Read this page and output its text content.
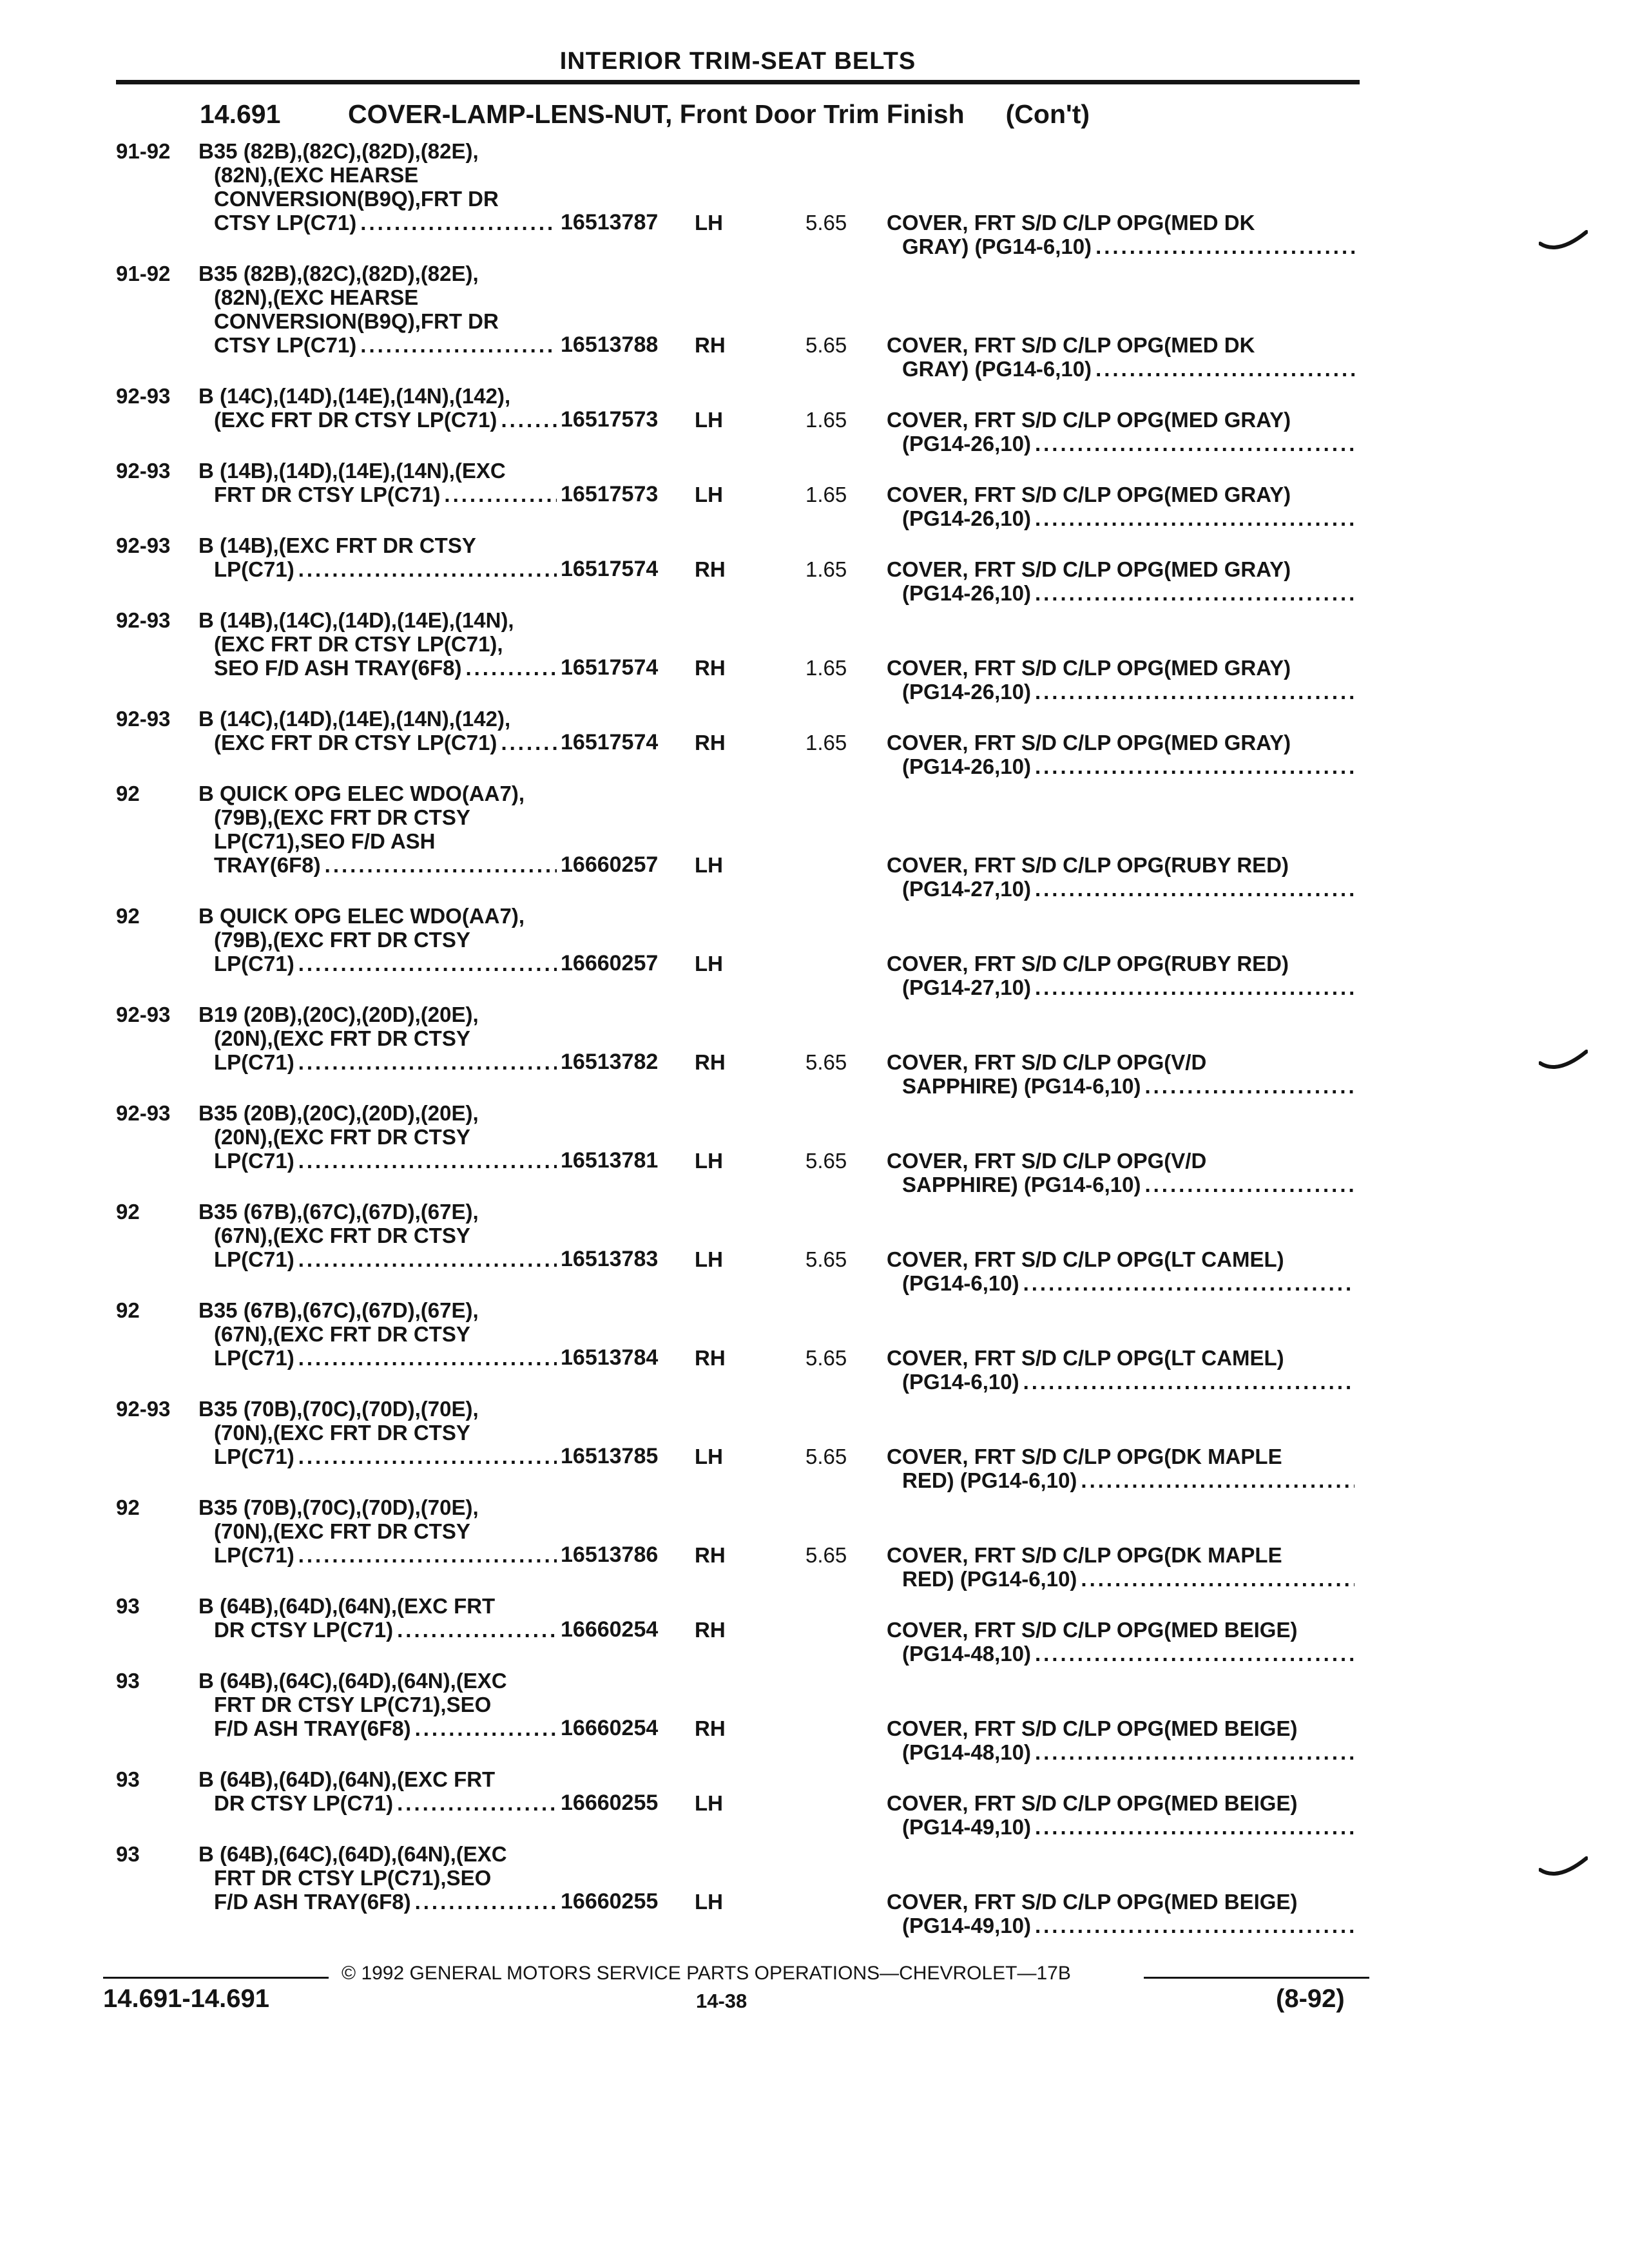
INTERIOR TRIM-SEAT BELTS
14.691	COVER-LAMP-LENS-NUT, Front Door Trim Finish (Con't)
91-92 B35 (82B),(82C),(82D),(82E),
(82N),(EXC HEARSE
CONVERSION(B9Q),FRT DR
CTSY LP(C71) .....	16513787 LH	5.65 COVER, FRT S/D C/LP OPG(MED DK
GRAY) (PG14-6,10)
.....
91-92 B35 (82B),(82C),(82D),(82E),
(82N),(EXC HEARSE
CONVERSION(B9Q),FRT DR
CTSY LP(C71) .....	16513788 RH	5.65 COVER, FRT S/D C/LP OPG(MED DK
GRAY) (PG14-6,10)
.....
92-93 B (14C),(14D),(14E),(14N),(142),
(EXC FRT DR CTSY LP(C71) .....	16517573 LH	1.65 COVER, FRT S/D C/LP OPG(MED GRAY)
(PG14-26,10)
.....
92-93 B (14B),(14D),(14E),(14N),(EXC
FRT DR CTSY LP(C71) .....	16517573 LH	1.65 COVER, FRT S/D C/LP OPG(MED GRAY)
(PG14-26,10)
.....
92-93 B (14B),(EXC FRT DR CTSY
LP(C71) .....	16517574 RH	1.65 COVER, FRT S/D C/LP OPG(MED GRAY)
(PG14-26,10)
.....
92-93 B (14B),(14C),(14D),(14E),(14N),
(EXC FRT DR CTSY LP(C71),
SEO F/D ASH TRAY(6F8) .....	16517574 RH	1.65 COVER, FRT S/D C/LP OPG(MED GRAY)
(PG14-26,10)
.....
92-93 B (14C),(14D),(14E),(14N),(142),
(EXC FRT DR CTSY LP(C71) .....	16517574 RH	1.65 COVER, FRT S/D C/LP OPG(MED GRAY)
(PG14-26,10)
.....
92	B QUICK OPG ELEC WDO(AA7),
(79B),(EXC FRT DR CTSY
LP(C71),SEO F/D ASH
TRAY(6F8) .....	16660257 LH	COVER, FRT S/D C/LP OPG(RUBY RED)
(PG14-27,10)
.....
92	B QUICK OPG ELEC WDO(AA7),
(79B),(EXC FRT DR CTSY
LP(C71) .....	16660257 LH	COVER, FRT S/D C/LP OPG(RUBY RED)
(PG14-27,10)
.....
92-93 B19 (20B),(20C),(20D),(20E),
(20N),(EXC FRT DR CTSY
LP(C71) .....	16513782 RH	5.65 COVER, FRT S/D C/LP OPG(V/D
SAPPHIRE) (PG14-6,10)
.....
92-93 B35 (20B),(20C),(20D),(20E),
(20N),(EXC FRT DR CTSY
LP(C71) .....	16513781 LH	5.65 COVER, FRT S/D C/LP OPG(V/D
SAPPHIRE) (PG14-6,10)
.....
92	B35 (67B),(67C),(67D),(67E),
(67N),(EXC FRT DR CTSY
LP(C71) .....	16513783 LH	5.65 COVER, FRT S/D C/LP OPG(LT CAMEL)
(PG14-6,10)
.....
92	B35 (67B),(67C),(67D),(67E),
(67N),(EXC FRT DR CTSY
LP(C71) .....	16513784 RH	5.65 COVER, FRT S/D C/LP OPG(LT CAMEL)
(PG14-6,10)
.....
92-93 B35 (70B),(70C),(70D),(70E),
(70N),(EXC FRT DR CTSY
LP(C71) .....	16513785 LH	5.65 COVER, FRT S/D C/LP OPG(DK MAPLE
RED) (PG14-6,10)
.....
92	B35 (70B),(70C),(70D),(70E),
(70N),(EXC FRT DR CTSY
LP(C71) .....	16513786 RH	5.65 COVER, FRT S/D C/LP OPG(DK MAPLE
RED) (PG14-6,10)
.....
93	B (64B),(64D),(64N),(EXC FRT
DR CTSY LP(C71) .....	16660254 RH	COVER, FRT S/D C/LP OPG(MED BEIGE)
(PG14-48,10)
.....
93	B (64B),(64C),(64D),(64N),(EXC
FRT DR CTSY LP(C71),SEO
F/D ASH TRAY(6F8) .....	16660254 RH	COVER, FRT S/D C/LP OPG(MED BEIGE)
(PG14-48,10)
.....
93	B (64B),(64D),(64N),(EXC FRT
DR CTSY LP(C71) .....	16660255 LH	COVER, FRT S/D C/LP OPG(MED BEIGE)
(PG14-49,10)
.....
93	B (64B),(64C),(64D),(64N),(EXC
FRT DR CTSY LP(C71),SEO
F/D ASH TRAY(6F8) .....	16660255 LH	COVER, FRT S/D C/LP OPG(MED BEIGE)
(PG14-49,10)
.....
© 1992 GENERAL MOTORS SERVICE PARTS OPERATIONS—CHEVROLET—17B
14.691-14.691	14-38	(8-92)
